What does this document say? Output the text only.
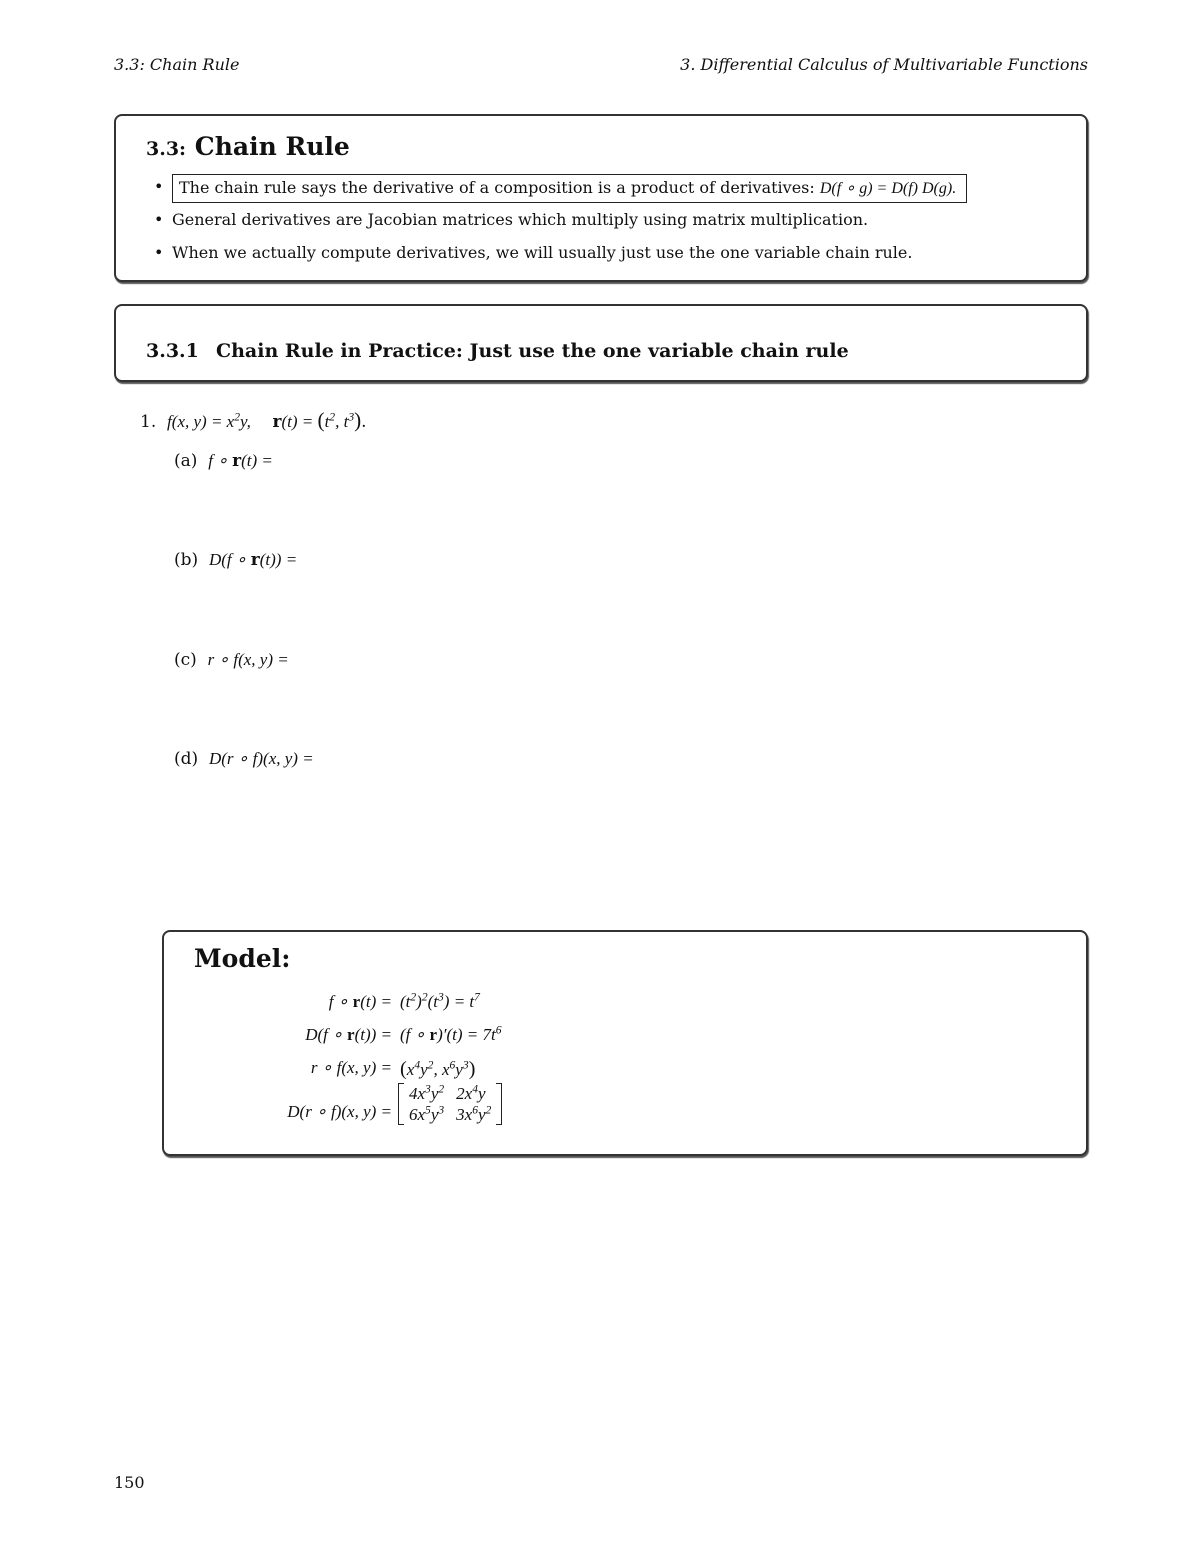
3.3: Chain Rule	3. Differential Calculus of Multivariable Functions
3.3: Chain Rule
• The chain rule says the derivative of a composition is a product of derivatives: D(f ∘ g) = D(f) D(g).
• General derivatives are Jacobian matrices which multiply using matrix multiplication.
• When we actually compute derivatives, we will usually just use the one variable chain rule.
3.3.1 Chain Rule in Practice: Just use the one variable chain rule
1. f(x, $y) = x^2y$, $r(t) = (t^2$, $t^3$).
(a) f ∘ r(t) =
(b) D(f ∘ r(t)) =
(c) r ∘ f(x, y) =
(d) D(r ∘ f)(x, y) =
Model:
f ∘ $r(t) = (t^2)^2(t^3) = t^7$
D(f ∘ r(t)) = (f ∘ $r)'(t) = 7t^6$
r ∘ f(x, $y) = (x^4y^2$, $x^6y^3$)
D(r ∘ f)(x, y) =
$4x^3y^2$	$2x^4y$
$6x^5y^3$	$3x^6y^2$
150
